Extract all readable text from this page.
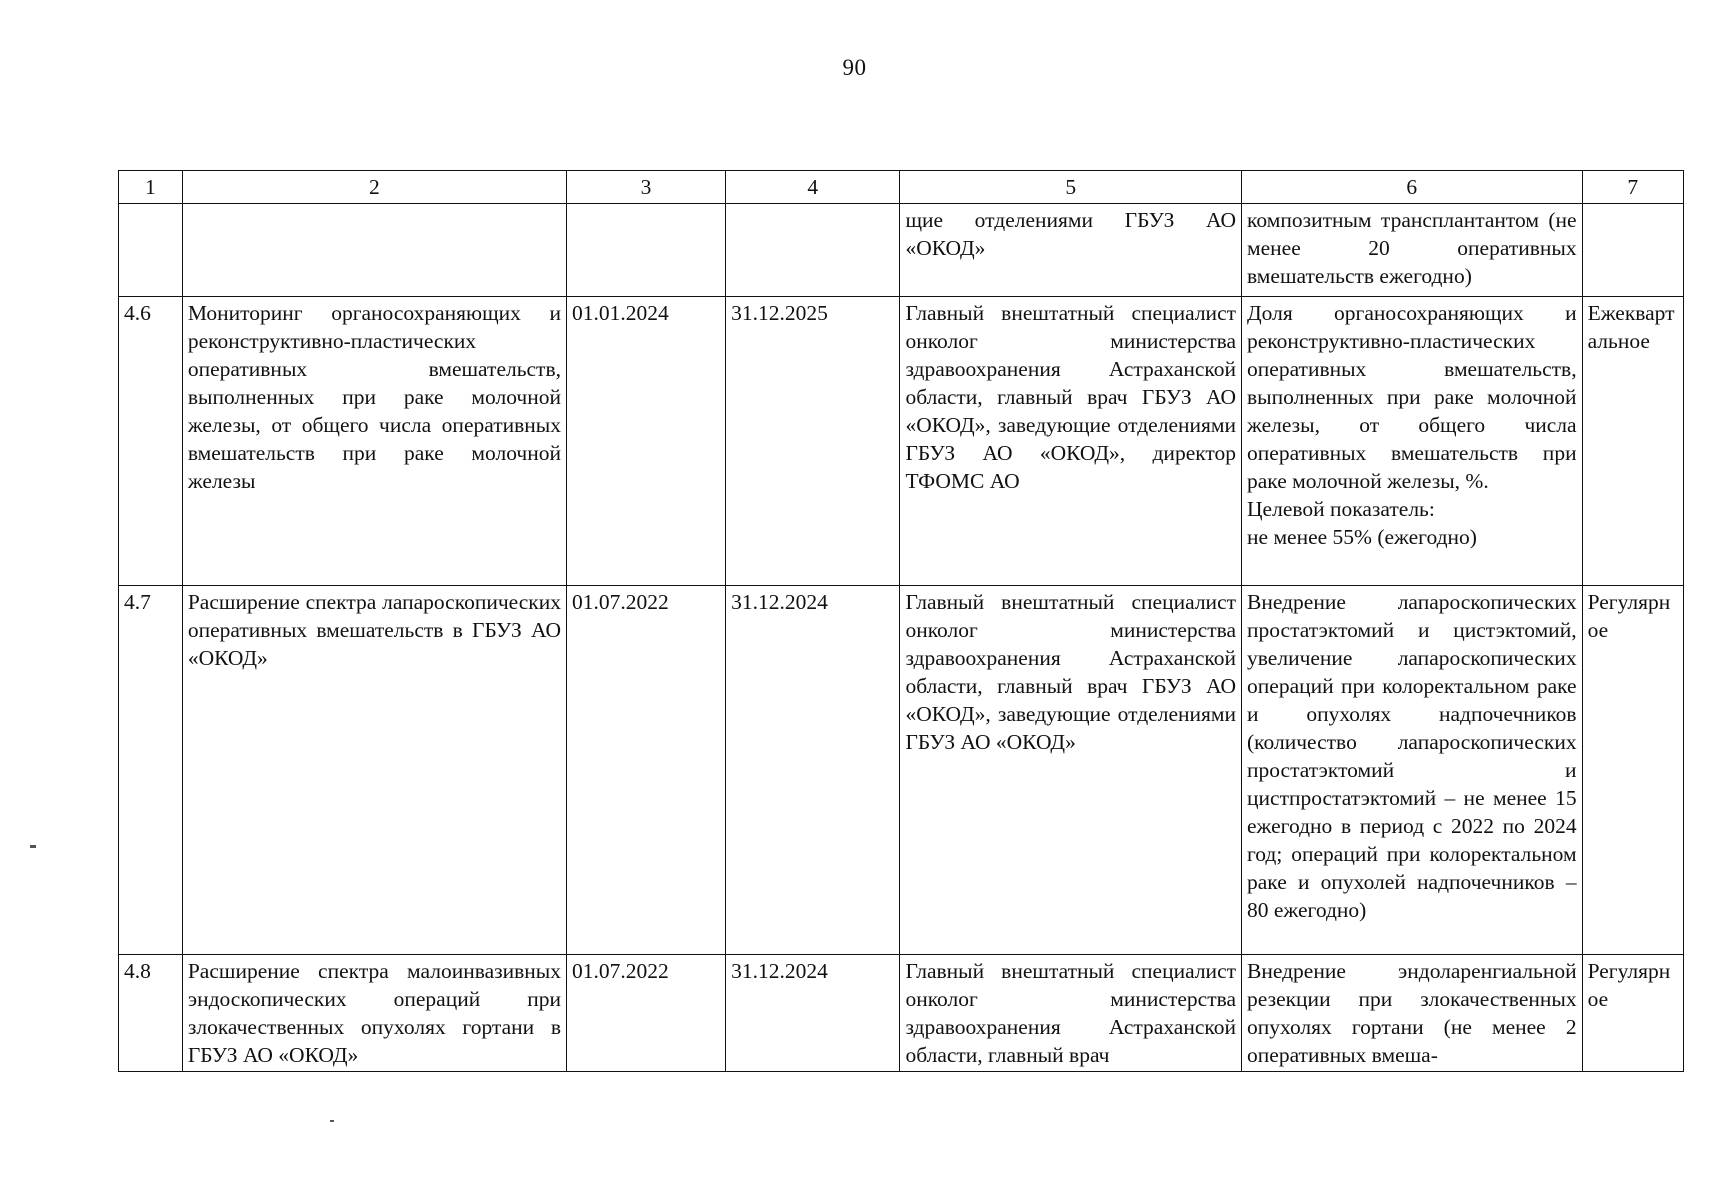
90
1	2	3	4	5	6	7
				щие отделениями ГБУЗ АО «ОКОД»	композитным трансплантантом (не менее 20 оперативных вмешательств ежегодно)	
4.6	Мониторинг органосохраняющих и реконструктивно-пластических оперативных вмешательств, выполненных при раке молочной железы, от общего числа оперативных вмешательств при раке молочной железы	01.01.2024	31.12.2025	Главный внештатный специалист онколог министерства здравоохранения Астраханской области, главный врач ГБУЗ АО «ОКОД», заведующие отделениями ГБУЗ АО «ОКОД», директор ТФОМС АО	Доля органосохраняющих и реконструктивно-пластических оперативных вмешательств, выполненных при раке молочной железы, от общего числа оперативных вмешательств при раке молочной железы, %.
Целевой показатель:
не менее 55% (ежегодно)	Ежеквартальное
4.7	Расширение спектра лапароскопических оперативных вмешательств в ГБУЗ АО «ОКОД»	01.07.2022	31.12.2024	Главный внештатный специалист онколог министерства здравоохранения Астраханской области, главный врач ГБУЗ АО «ОКОД», заведующие отделениями ГБУЗ АО «ОКОД»	Внедрение лапароскопических простатэктомий и цистэктомий, увеличение лапароскопических операций при колоректальном раке и опухолях надпочечников (количество лапароскопических простатэктомий и цистпростатэктомий – не менее 15 ежегодно в период с 2022 по 2024 год; операций при колоректальном раке и опухолей надпочечников – 80 ежегодно)	Регулярное
4.8	Расширение спектра малоинвазивных эндоскопических операций при злокачественных опухолях гортани в ГБУЗ АО «ОКОД»	01.07.2022	31.12.2024	Главный внештатный специалист онколог министерства здравоохранения Астраханской области, главный врач	Внедрение эндоларенгиальной резекции при злокачественных опухолях гортани (не менее 2 оперативных вмеша-	Регулярное
